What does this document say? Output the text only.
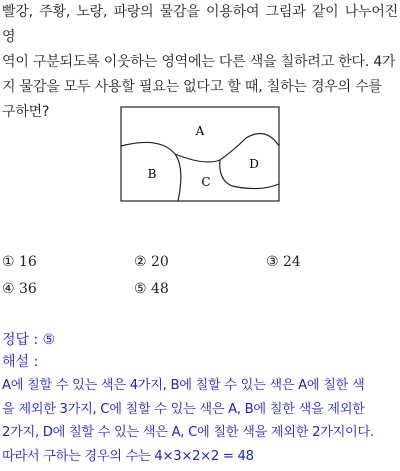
빨강, 주황, 노랑, 파랑의 물감을 이용하여 그림과 같이 나누어진 영
역이 구분되도록 이웃하는 영역에는 다른 색을 칠하려고 한다. 4가
지 물감을 모두 사용할 필요는 없다고 할 때, 칠하는 경우의 수를
구하면?
A
B
C
D
① 16	② 20	③ 24
④ 36	⑤ 48
정답 : ⑤
해설 :
A에 칠할 수 있는 색은 4가지, B에 칠할 수 있는 색은 A에 칠한 색
을 제외한 3가지, C에 칠할 수 있는 색은 A, B에 칠한 색을 제외한
2가지, D에 칠할 수 있는 색은 A, C에 칠한 색을 제외한 2가지이다.
따라서 구하는 경우의 수는 4×3×2×2 = 48
